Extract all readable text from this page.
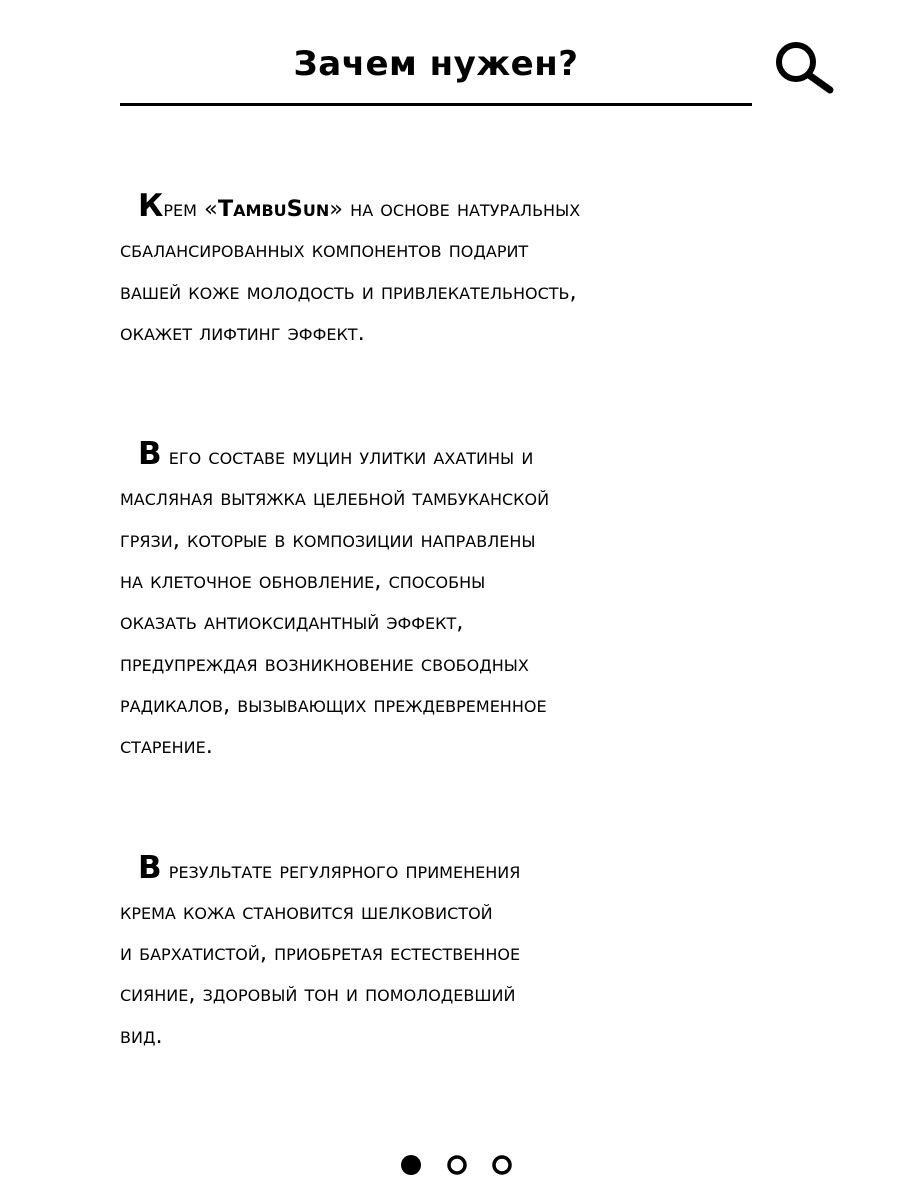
Зачем нужен?
Крем «TambuSun» на основе натуральных
сбалансированных компонентов подарит
вашей коже молодость и привлекательность,
окажет лифтинг эффект.
В его составе муцин улитки ахатины и
масляная вытяжка целебной тамбуканской
грязи, которые в композиции направлены
на клеточное обновление, способны
оказать антиоксидантный эффект,
предупреждая возникновение свободных
радикалов, вызывающих преждевременное
старение.
В результате регулярного применения
крема кожа становится шелковистой
и бархатистой, приобретая естественное
сияние, здоровый тон и помолодевший
вид.
